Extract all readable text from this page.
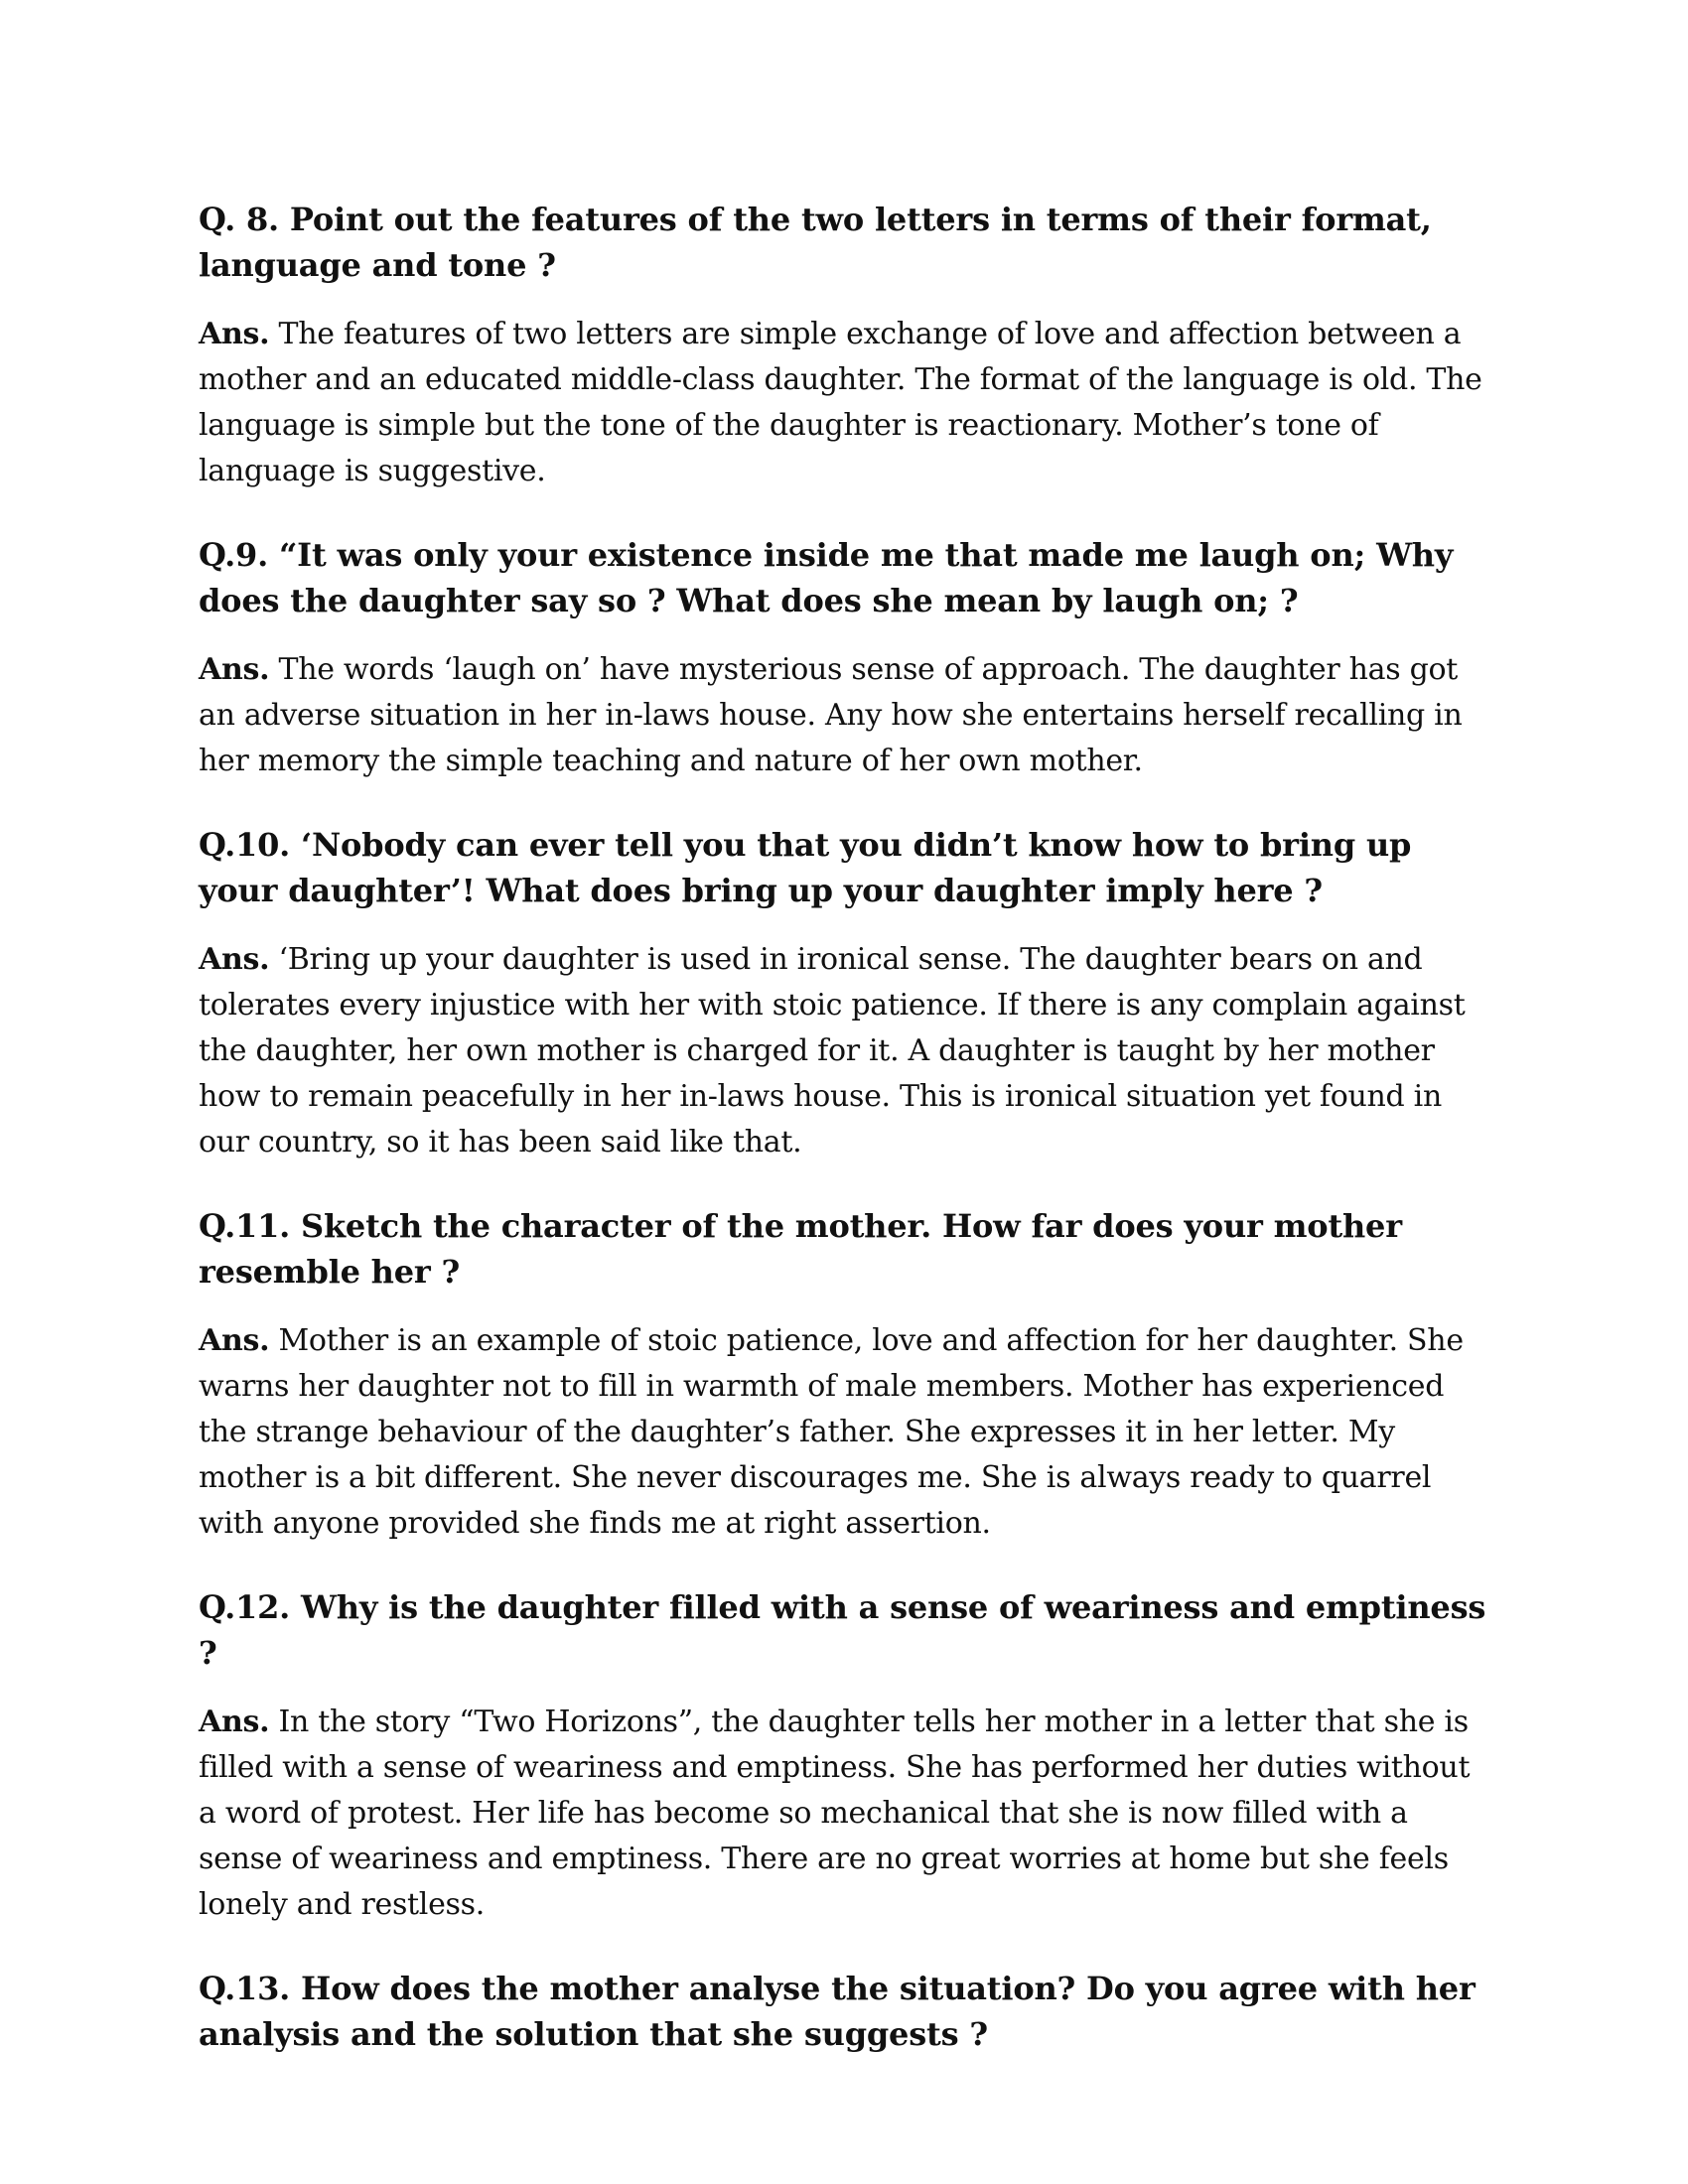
Q. 8. Point out the features of the two letters in terms of their format, language and tone ?

Ans. The features of two letters are simple exchange of love and affection between a mother and an educated middle-class daughter. The format of the language is old. The language is simple but the tone of the daughter is reactionary. Mother’s tone of language is suggestive.

Q.9. “It was only your existence inside me that made me laugh on; Why does the daughter say so ? What does she mean by laugh on; ?

Ans. The words ‘laugh on’ have mysterious sense of approach. The daughter has got an adverse situation in her in-laws house. Any how she entertains herself recalling in her memory the simple teaching and nature of her own mother.

Q.10. ‘Nobody can ever tell you that you didn’t know how to bring up your daughter’! What does bring up your daughter imply here ?

Ans. ‘Bring up your daughter is used in ironical sense. The daughter bears on and tolerates every injustice with her with stoic patience. If there is any complain against the daughter, her own mother is charged for it. A daughter is taught by her mother how to remain peacefully in her in-laws house. This is ironical situation yet found in our country, so it has been said like that.

Q.11. Sketch the character of the mother. How far does your mother resemble her ?

Ans. Mother is an example of stoic patience, love and affection for her daughter. She warns her daughter not to fill in warmth of male members. Mother has experienced the strange behaviour of the daughter’s father. She expresses it in her letter. My mother is a bit different. She never discourages me. She is always ready to quarrel with anyone provided she finds me at right assertion.

Q.12. Why is the daughter filled with a sense of weariness and emptiness ?

Ans. In the story “Two Horizons”, the daughter tells her mother in a letter that she is filled with a sense of weariness and emptiness. She has performed her duties without a word of protest. Her life has become so mechanical that she is now filled with a sense of weariness and emptiness. There are no great worries at home but she feels lonely and restless.

Q.13. How does the mother analyse the situation? Do you agree with her analysis and the solution that she suggests ?
